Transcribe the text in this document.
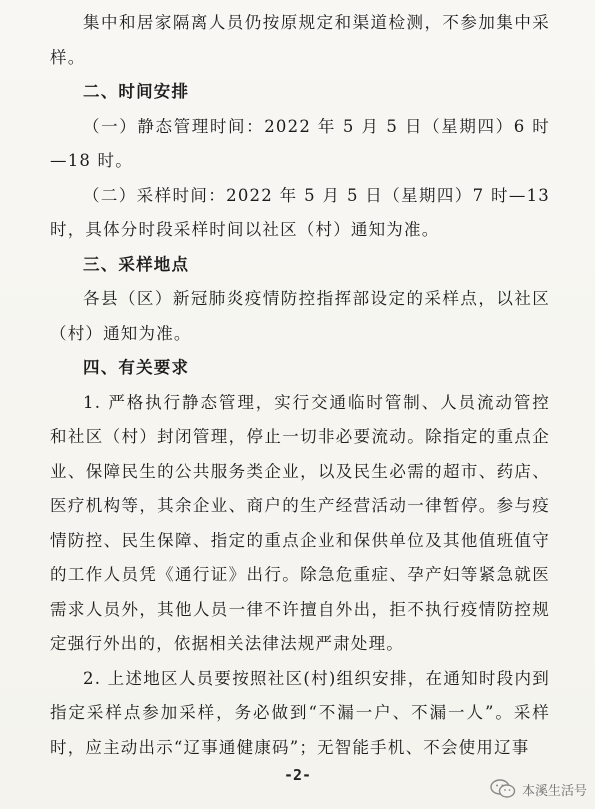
集中和居家隔离人员仍按原规定和渠道检测，不参加集中采样。

二、时间安排

（一）静态管理时间：2022 年 5 月 5 日（星期四）6 时—18 时。

（二）采样时间：2022 年 5 月 5 日（星期四）7 时—13 时，具体分时段采样时间以社区（村）通知为准。

三、采样地点

各县（区）新冠肺炎疫情防控指挥部设定的采样点，以社区（村）通知为准。

四、有关要求

1. 严格执行静态管理，实行交通临时管制、人员流动管控和社区（村）封闭管理，停止一切非必要流动。除指定的重点企业、保障民生的公共服务类企业，以及民生必需的超市、药店、医疗机构等，其余企业、商户的生产经营活动一律暂停。参与疫情防控、民生保障、指定的重点企业和保供单位及其他值班值守的工作人员凭《通行证》出行。除急危重症、孕产妇等紧急就医需求人员外，其他人员一律不许擅自外出，拒不执行疫情防控规定强行外出的，依据相关法律法规严肃处理。

2. 上述地区人员要按照社区(村)组织安排，在通知时段内到指定采样点参加采样，务必做到“不漏一户、不漏一人”。采样时，应主动出示“辽事通健康码”；无智能手机、不会使用辽事

-2-
本溪生活号
